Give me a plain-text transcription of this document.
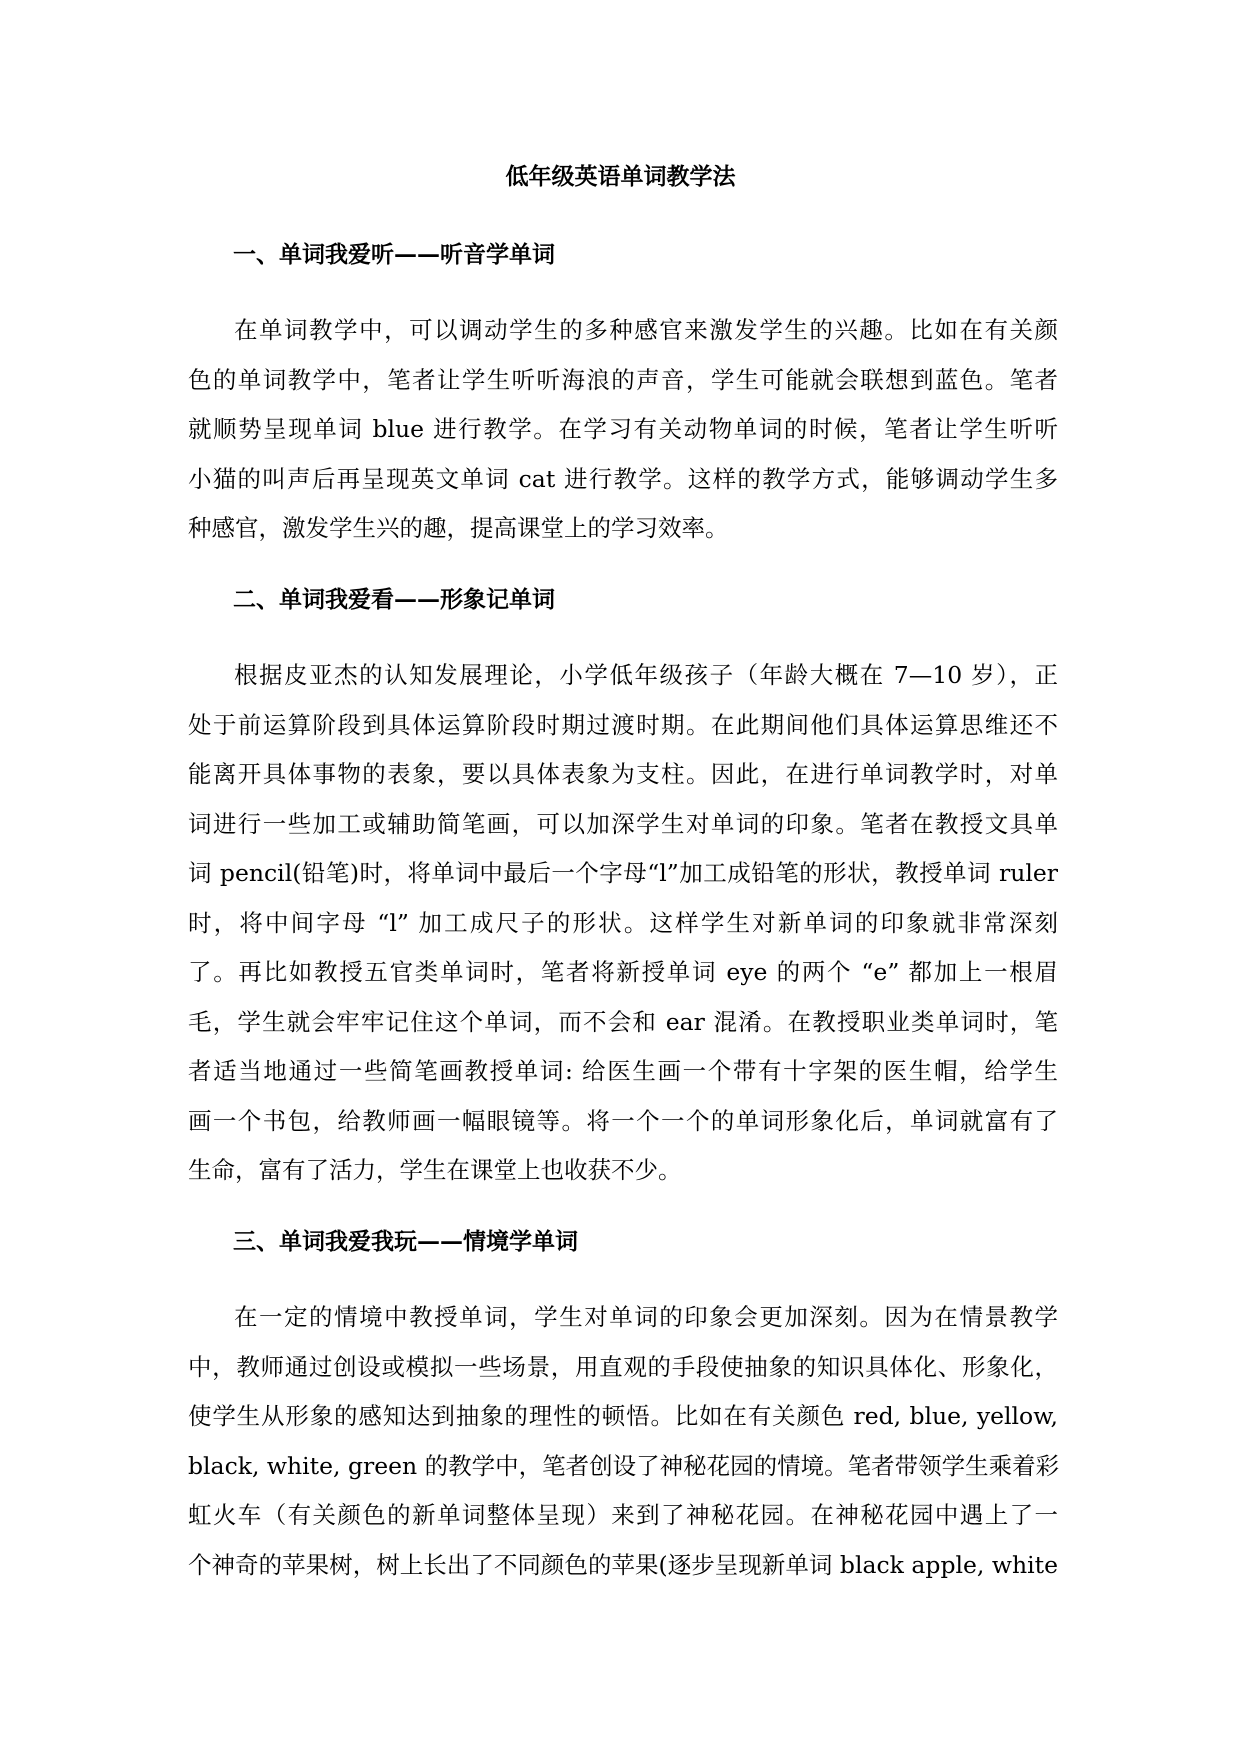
低年级英语单词教学法
一、单词我爱听——听音学单词
在单词教学中，可以调动学生的多种感官来激发学生的兴趣。比如在有关颜
色的单词教学中，笔者让学生听听海浪的声音，学生可能就会联想到蓝色。笔者
就顺势呈现单词 blue 进行教学。在学习有关动物单词的时候，笔者让学生听听
小猫的叫声后再呈现英文单词 cat 进行教学。这样的教学方式，能够调动学生多
种感官，激发学生兴的趣，提高课堂上的学习效率。
二、单词我爱看——形象记单词
根据皮亚杰的认知发展理论，小学低年级孩子（年龄大概在 7—10 岁），正
处于前运算阶段到具体运算阶段时期过渡时期。在此期间他们具体运算思维还不
能离开具体事物的表象，要以具体表象为支柱。因此，在进行单词教学时，对单
词进行一些加工或辅助简笔画，可以加深学生对单词的印象。笔者在教授文具单
词 pencil(铅笔)时，将单词中最后一个字母“l”加工成铅笔的形状，教授单词 ruler
时，将中间字母 “l” 加工成尺子的形状。这样学生对新单词的印象就非常深刻
了。再比如教授五官类单词时，笔者将新授单词 eye 的两个 “e” 都加上一根眉
毛，学生就会牢牢记住这个单词，而不会和 ear 混淆。在教授职业类单词时，笔
者适当地通过一些简笔画教授单词: 给医生画一个带有十字架的医生帽，给学生
画一个书包，给教师画一幅眼镜等。将一个一个的单词形象化后，单词就富有了
生命，富有了活力，学生在课堂上也收获不少。
三、单词我爱我玩——情境学单词
在一定的情境中教授单词，学生对单词的印象会更加深刻。因为在情景教学
中，教师通过创设或模拟一些场景，用直观的手段使抽象的知识具体化、形象化，
使学生从形象的感知达到抽象的理性的顿悟。比如在有关颜色 red, blue, yellow,
black, white, green 的教学中，笔者创设了神秘花园的情境。笔者带领学生乘着彩
虹火车（有关颜色的新单词整体呈现）来到了神秘花园。在神秘花园中遇上了一
个神奇的苹果树，树上长出了不同颜色的苹果(逐步呈现新单词 black apple, white
